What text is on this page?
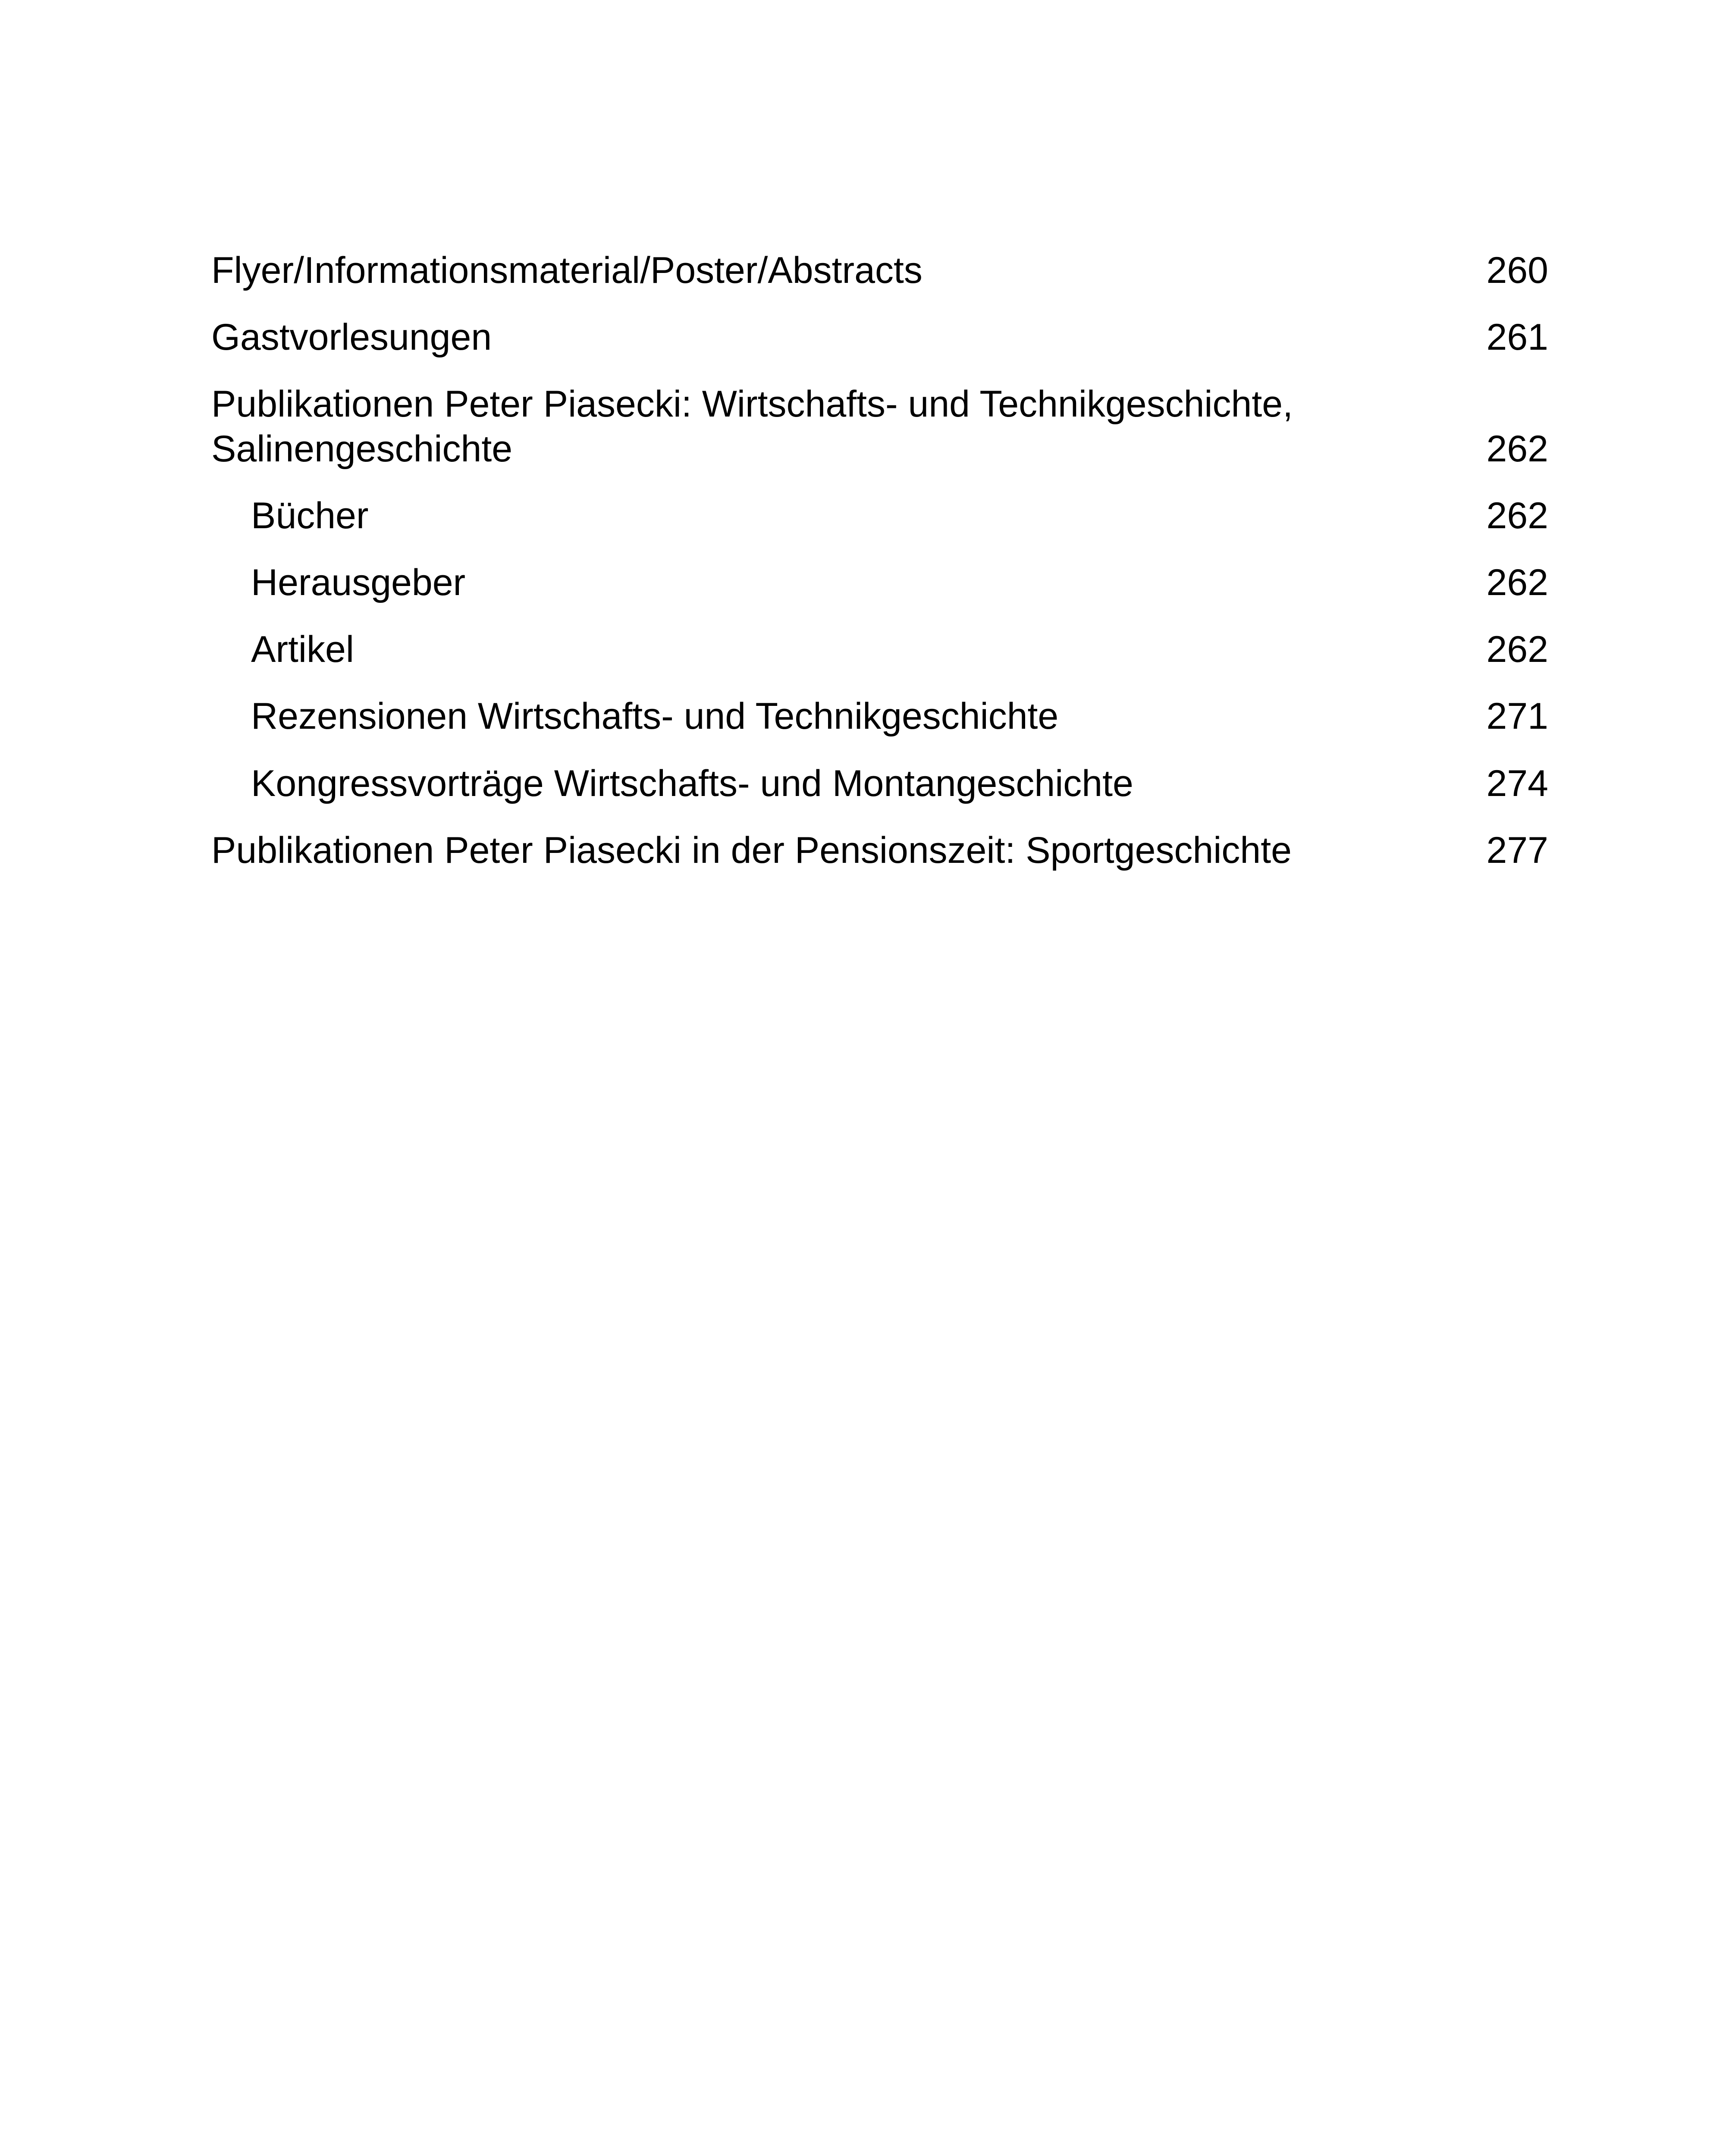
Flyer/Informationsmaterial/Poster/Abstracts	260
Gastvorlesungen	261
Publikationen Peter Piasecki: Wirtschafts- und Technikgeschichte, Salinengeschichte	262
Bücher	262
Herausgeber	262
Artikel	262
Rezensionen Wirtschafts- und Technikgeschichte	271
Kongressvorträge Wirtschafts- und Montangeschichte	274
Publikationen Peter Piasecki in der Pensionszeit: Sportgeschichte	277
